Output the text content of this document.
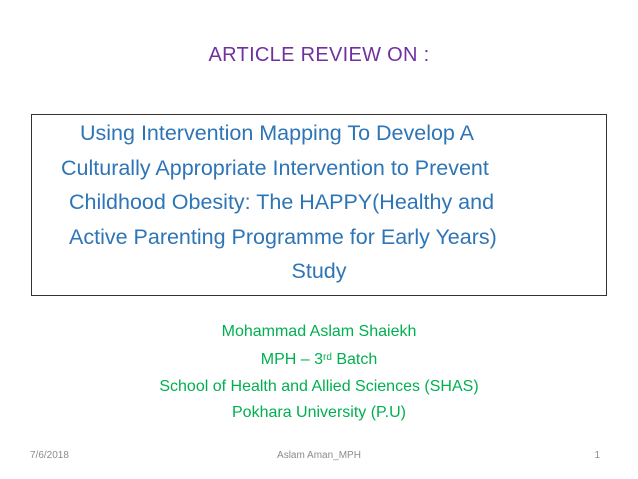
ARTICLE REVIEW ON :
Using Intervention Mapping To Develop A
Culturally Appropriate Intervention to Prevent
Childhood Obesity: The HAPPY(Healthy and
Active Parenting Programme for Early Years)
Study
Mohammad Aslam Shaiekh
MPH – 3rd Batch
School of Health and Allied Sciences (SHAS)
Pokhara University (P.U)
7/6/2018	Aslam Aman_MPH	1
